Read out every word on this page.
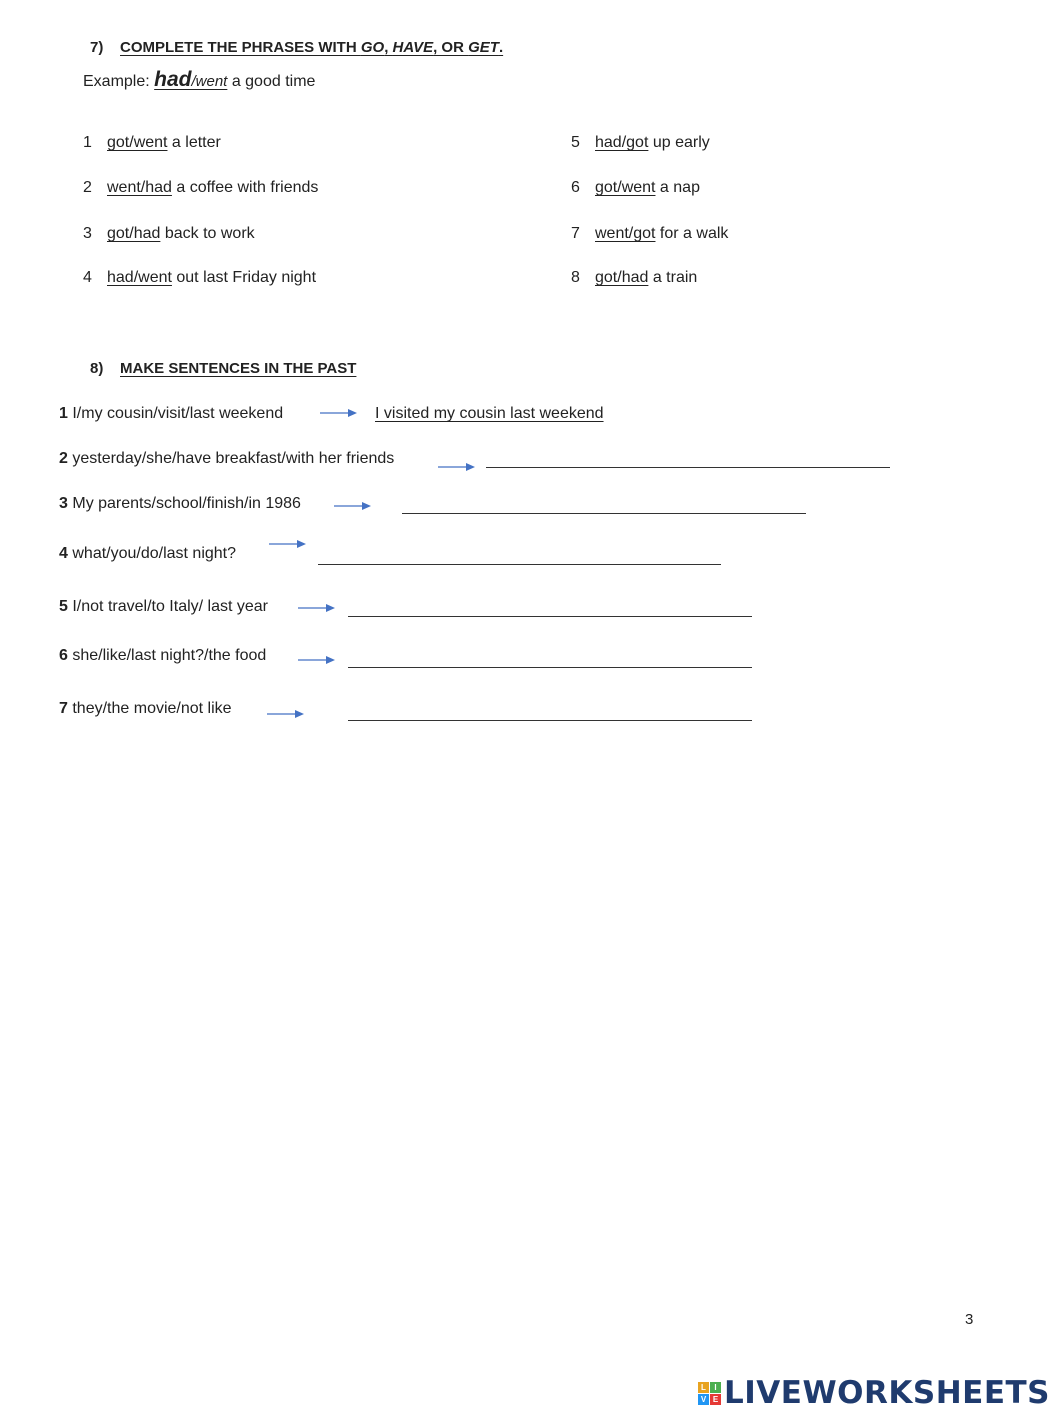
7) COMPLETE THE PHRASES WITH GO, HAVE, OR GET.
Example: had/went a good time
1 got/went a letter
2 went/had a coffee with friends
3 got/had back to work
4 had/went out last Friday night
5 had/got up early
6 got/went a nap
7 went/got for a walk
8 got/had a train
8) MAKE SENTENCES IN THE PAST
1 I/my cousin/visit/last weekend	I visited my cousin last weekend
2 yesterday/she/have breakfast/with her friends
3 My parents/school/finish/in 1986
4 what/you/do/last night?
5 I/not travel/to Italy/ last year
6 she/like/last night?/the food
7 they/the movie/not like
3
L	I
V E LIVEWORKSHEETS
